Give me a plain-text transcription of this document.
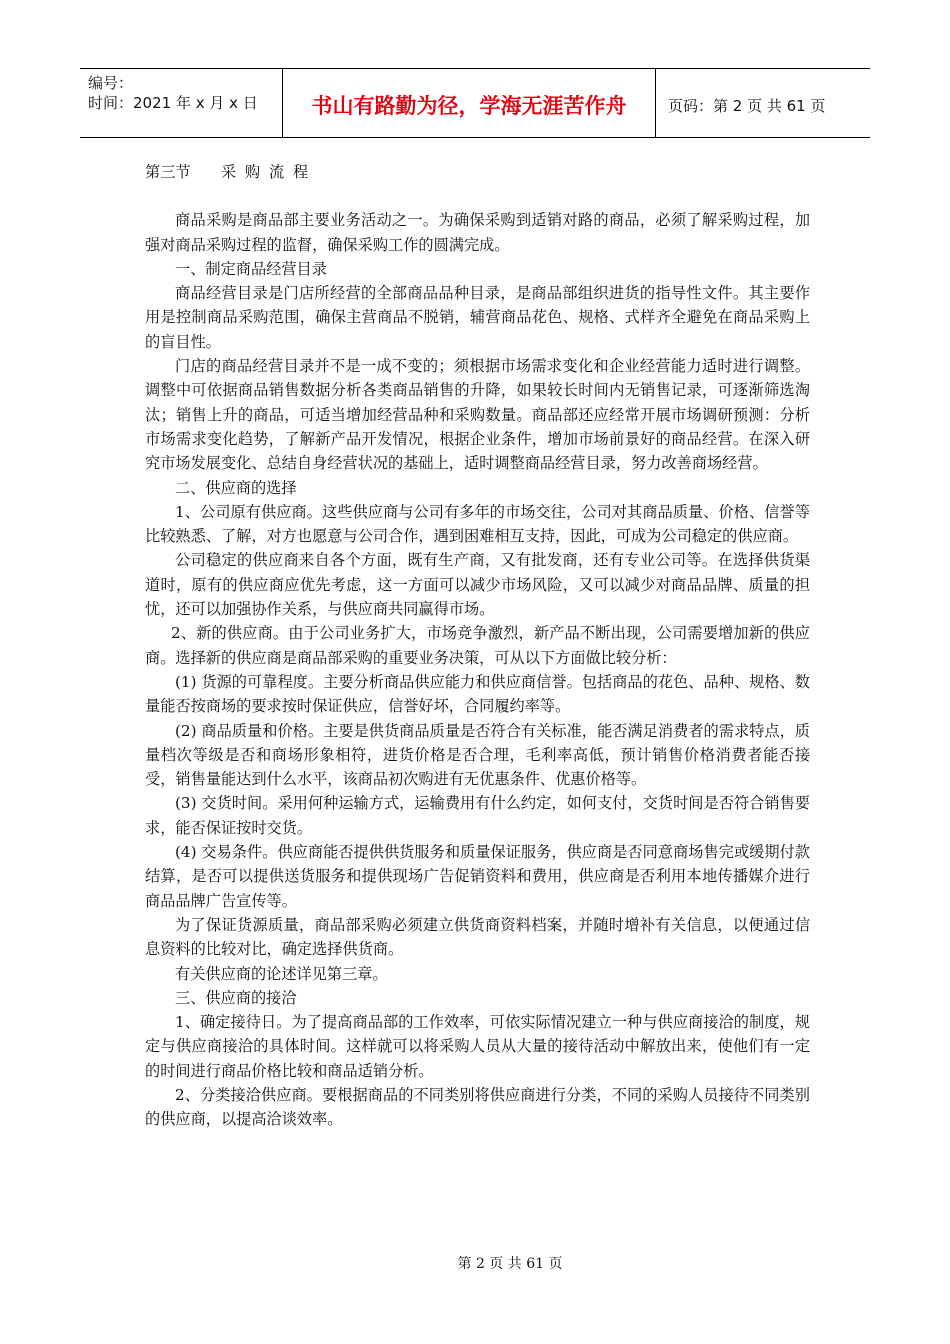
编号：
时间：2021 年 x 月 x 日	书山有路勤为径，学海无涯苦作舟	页码：第 2 页 共 61 页

第三节　　采 购 流 程

商品采购是商品部主要业务活动之一。为确保采购到适销对路的商品，必须了解采购过程，加强对商品采购过程的监督，确保采购工作的圆满完成。

一、制定商品经营目录

商品经营目录是门店所经营的全部商品品种目录，是商品部组织进货的指导性文件。其主要作用是控制商品采购范围，确保主营商品不脱销，辅营商品花色、规格、式样齐全避免在商品采购上的盲目性。

门店的商品经营目录并不是一成不变的；须根据市场需求变化和企业经营能力适时进行调整。调整中可依据商品销售数据分析各类商品销售的升降，如果较长时间内无销售记录，可逐渐筛选淘汰；销售上升的商品，可适当增加经营品种和采购数量。商品部还应经常开展市场调研预测：分析市场需求变化趋势，了解新产品开发情况，根据企业条件，增加市场前景好的商品经营。在深入研究市场发展变化、总结自身经营状况的基础上，适时调整商品经营目录，努力改善商场经营。

二、供应商的选择

1、公司原有供应商。这些供应商与公司有多年的市场交往，公司对其商品质量、价格、信誉等比较熟悉、了解，对方也愿意与公司合作，遇到困难相互支持，因此，可成为公司稳定的供应商。

公司稳定的供应商来自各个方面，既有生产商，又有批发商，还有专业公司等。在选择供货渠道时，原有的供应商应优先考虑，这一方面可以减少市场风险，又可以减少对商品品牌、质量的担忧，还可以加强协作关系，与供应商共同赢得市场。

2、新的供应商。由于公司业务扩大，市场竞争激烈，新产品不断出现，公司需要增加新的供应商。选择新的供应商是商品部采购的重要业务决策，可从以下方面做比较分析：

(1) 货源的可靠程度。主要分析商品供应能力和供应商信誉。包括商品的花色、品种、规格、数量能否按商场的要求按时保证供应，信誉好坏，合同履约率等。

(2) 商品质量和价格。主要是供货商品质量是否符合有关标准，能否满足消费者的需求特点，质量档次等级是否和商场形象相符，进货价格是否合理，毛利率高低，预计销售价格消费者能否接受，销售量能达到什么水平，该商品初次购进有无优惠条件、优惠价格等。

(3) 交货时间。采用何种运输方式，运输费用有什么约定，如何支付，交货时间是否符合销售要求，能否保证按时交货。

(4) 交易条件。供应商能否提供供货服务和质量保证服务，供应商是否同意商场售完或缓期付款结算，是否可以提供送货服务和提供现场广告促销资料和费用，供应商是否利用本地传播媒介进行商品品牌广告宣传等。

为了保证货源质量，商品部采购必须建立供货商资料档案，并随时增补有关信息，以便通过信息资料的比较对比，确定选择供货商。

有关供应商的论述详见第三章。

三、供应商的接洽

1、确定接待日。为了提高商品部的工作效率，可依实际情况建立一种与供应商接洽的制度，规定与供应商接洽的具体时间。这样就可以将采购人员从大量的接待活动中解放出来，使他们有一定的时间进行商品价格比较和商品适销分析。

2、分类接洽供应商。要根据商品的不同类别将供应商进行分类，不同的采购人员接待不同类别的供应商，以提高洽谈效率。

第 2 页 共 61 页
